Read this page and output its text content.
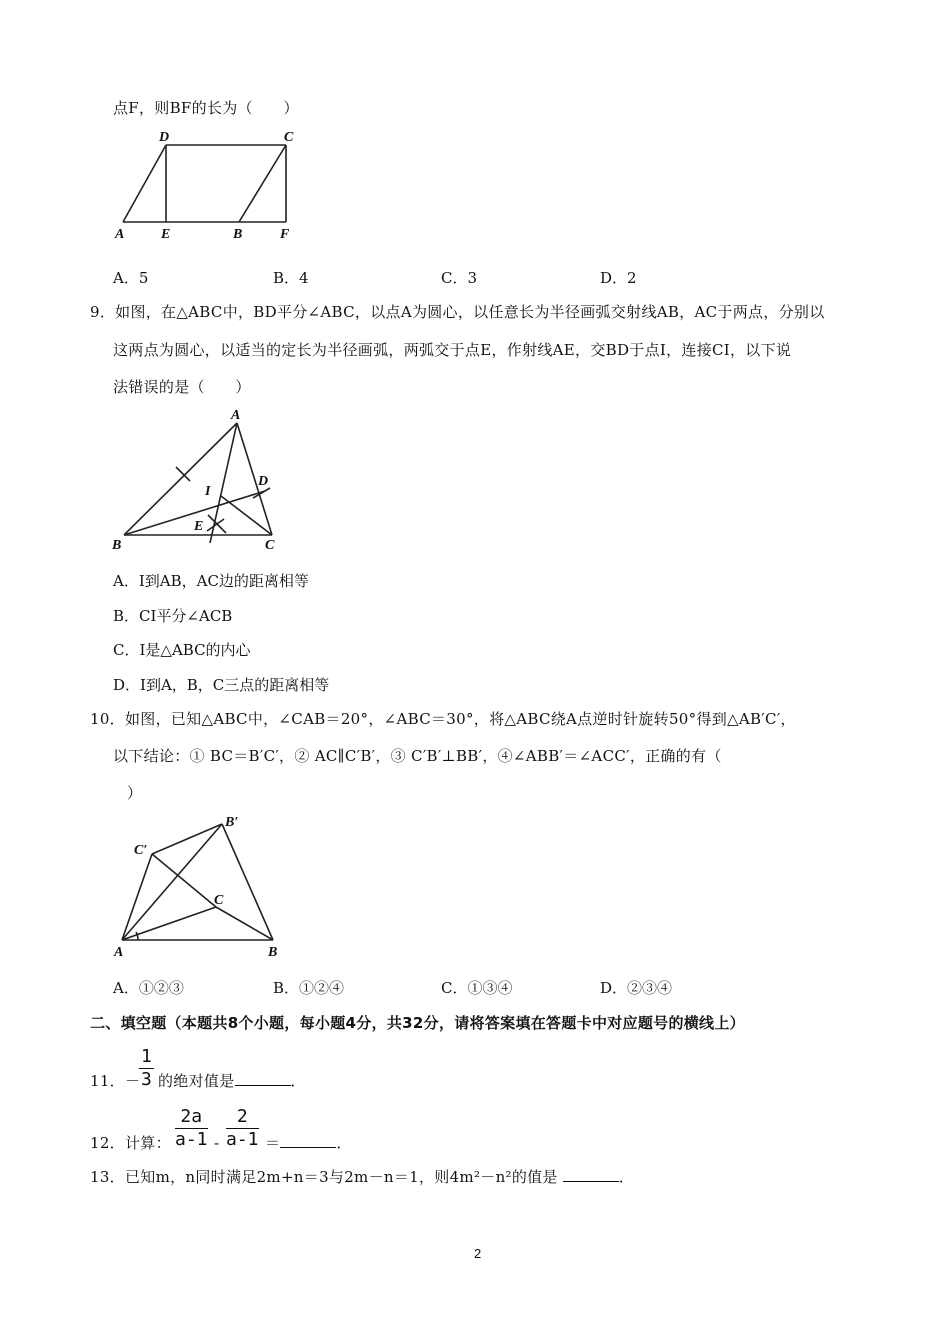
点F，则BF的长为（　　）
D	C
A	E	B	F
A．5	B．4	C．3	D．2
9．如图，在△ABC中，BD平分∠ABC，以点A为圆心，以任意长为半径画弧交射线AB，AC于两点，分别以
这两点为圆心，以适当的定长为半径画弧，两弧交于点E，作射线AE，交BD于点I，连接CI，以下说
法错误的是（　　）
A
B	C
D
I
E
A．I到AB，AC边的距离相等
B．CI平分∠ACB
C．I是△ABC的内心
D．I到A，B，C三点的距离相等
10．如图，已知△ABC中，∠CAB＝20°，∠ABC＝30°，将△ABC绕A点逆时针旋转50°得到△AB′C′，
以下结论：① BC＝B′C′，② AC∥C′B′，③ C′B′⊥BB′，④∠ABB′＝∠ACC′，正确的有（
）
B′
C′
C
A	B
A．①②③	B．①②④	C．①③④	D．②③④
二、填空题（本题共8个小题，每小题4分，共32分，请将答案填在答题卡中对应题号的横线上）
11．－
$\frac{1}{3}$ 的绝对值是	．
12．计算： $\frac{2a}{a-1} - \frac{2}{a-1}$ ＝	．
13．已知m，n同时满足2m+n＝3与2m－n＝1，则4m²－n²的值是	．
2
